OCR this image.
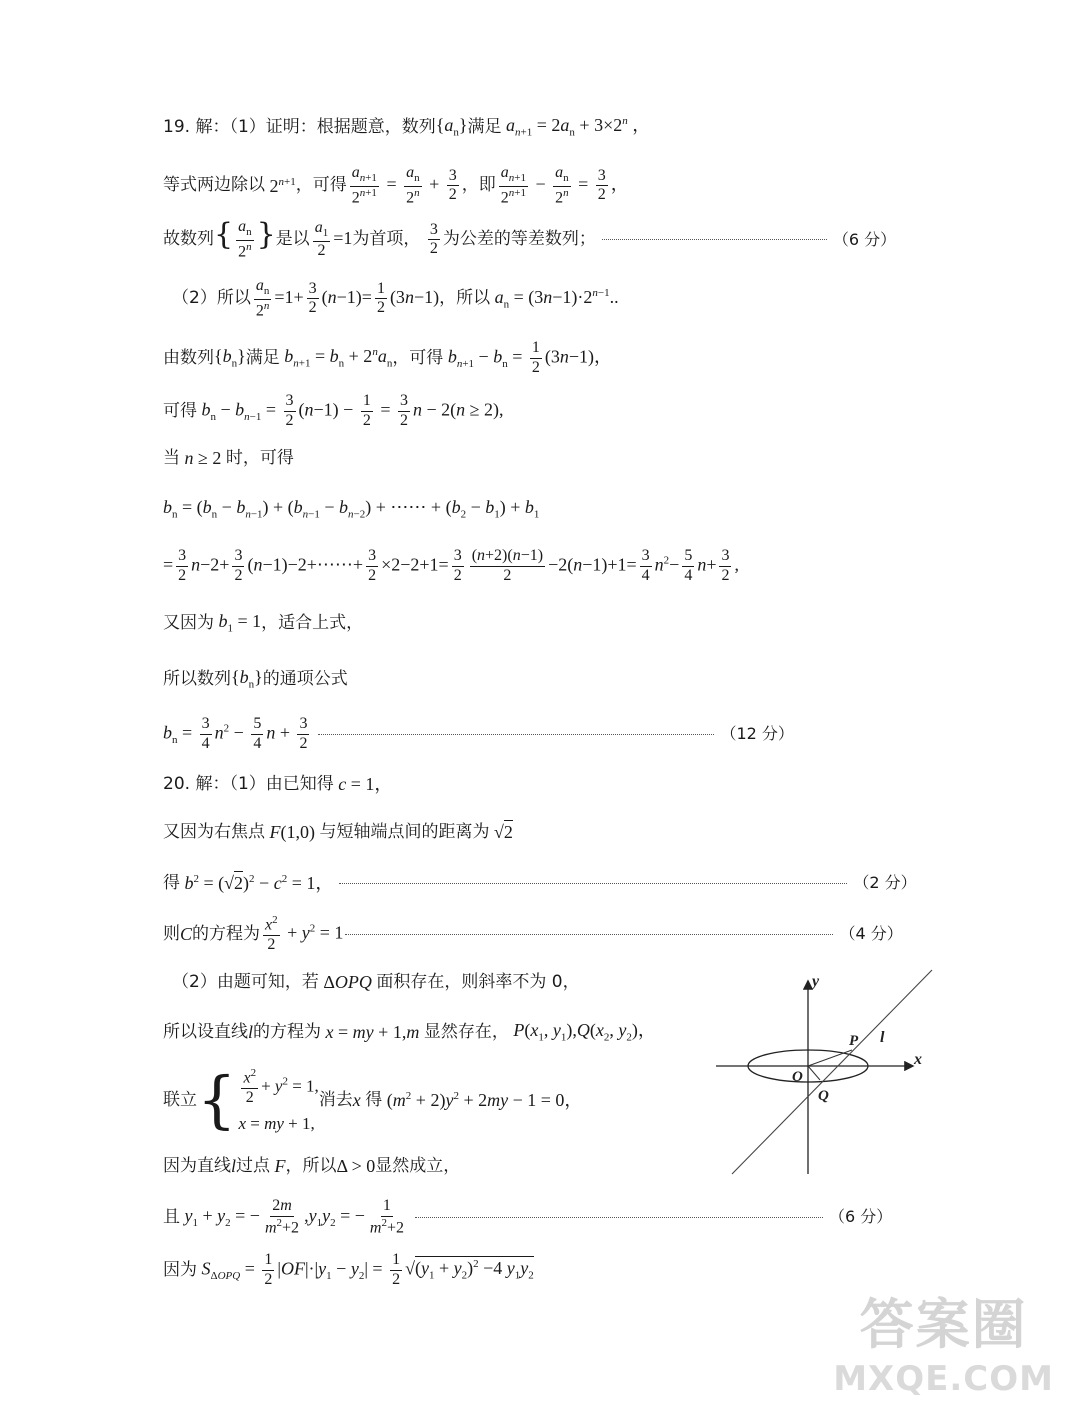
19. 解：（1）证明：根据题意，数列 $\{a_n\}$ 满足 $a_{n+1} = 2a_n + 3\times 2^n$ ，
等式两边除以 $2^{n+1}$ ，可得 $\frac{a_{n+1}}{2^{n+1}} = \frac{a_n}{2^n} + \frac{3}{2}$ ，即 $\frac{a_{n+1}}{2^{n+1}} - \frac{a_n}{2^n} = \frac{3}{2}$ ，
故数列 { $\frac{a_n}{2^n}$ } 是以 $\frac{a_1}{2} =1$ 为首项，
$\frac{3}{2}$ 为公差的等差数列；	（6 分）
（2）所以 $\frac{a_n}{2^n} =1+ \frac{3}{2} (n-1)= \frac{1}{2} (3n-1)$ ，所以 $a_n = (3n-1)\cdot 2^{n-1}$..
由数列 $\{b_n\}$ 满足 $b_{n+1} = b_n + 2^na_n$ ，可得 $b_{n+1} - b_n = \frac{1}{2} (3n-1)$，
可得 $b_n - b_{n-1} = \frac{3}{2} (n-1) - \frac{1}{2} = \frac{3}{2}$ n − 2(n ≥ 2),
当 n ≥ 2 时，可得
$b_n = (b_n - b_{n-1}) + (b_{n-1} - b_{n-2})$ + ⋯⋯ + $(b_2 - b_1) + b_1$
= $\frac{3}{2} n-2+ \frac{3}{2}$ (n−1)−2+⋯⋯+ $\frac{3}{2} \times 2-2+1= \frac{3}{2} \frac{(n+2)(n-1)}{2} -2(n-1)+1= \frac{3}{4} n^2- \frac{5}{4} n+ \frac{3}{2}$ ,
又因为 $b_1 = 1$ ，适合上式，
所以数列 $\{b_n\}$ 的通项公式
$b_n = \frac{3}{4} n^2 - \frac{5}{4}$ $n + \frac{3}{2}$	（12 分）
20. 解：（1）由已知得 c = 1，
又因为右焦点 F(1,0) 与短轴端点间的距离为 √2
得 $b^2 = (√2)^2 - c^2 = 1$，	（2 分）
则 C 的方程为 $\frac{x^2}{2} + y^2 = 1$	（4 分）
（2）由题可知，若 ΔOPQ 面积存在，则斜率不为 0，
所以设直线 l 的方程为 x = my + 1,m 显然存在， $P(x_1$, $y_1),Q(x_2$, $y_2$)，
联立 { $\frac{x^2}{2} + y^2 = 1$,
x = my + 1,
消去 x 得 $(m^2 + 2)y^2 + 2my - 1 = 0$，
因为直线 l 过点 F ，所以 Δ > 0 显然成立，
且 $y_1 + y_2$ = − $\frac{2m}{m^2+2} ,y_1y_2$ = − $\frac{1}{m^2+2}$	（6 分）
因为 $S_{\Delta OPQ} = \frac{1}{2} |OF|\cdot|y_1 - y_2| = \frac{1}{2} √(y_1 + y_2)^2 -4$ $y_1y_2$
y
x
O
P
Q
l
答案圈
MXQE.COM
